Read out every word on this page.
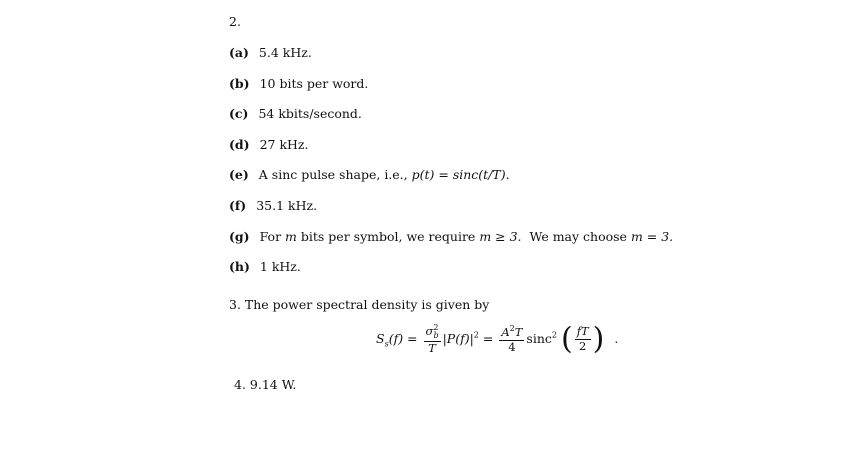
2.
(a) 5.4 kHz.
(b) 10 bits per word.
(c) 54 kbits/second.
(d) 27 kHz.
(e) A sinc pulse shape, i.e., p(t) = sinc(t/T).
(f) 35.1 kHz.
(g) For m bits per symbol, we require m ≥ 3. We may choose m = 3.
(h) 1 kHz.
3. The power spectral density is given by
$S_s(f) = \frac{\sigma^2_b}{T} |P(f)|^2 = \frac{A^2T}{4} \sin c^2$ ( $\frac{fT}{2}$ ) .
4. 9.14 W.
